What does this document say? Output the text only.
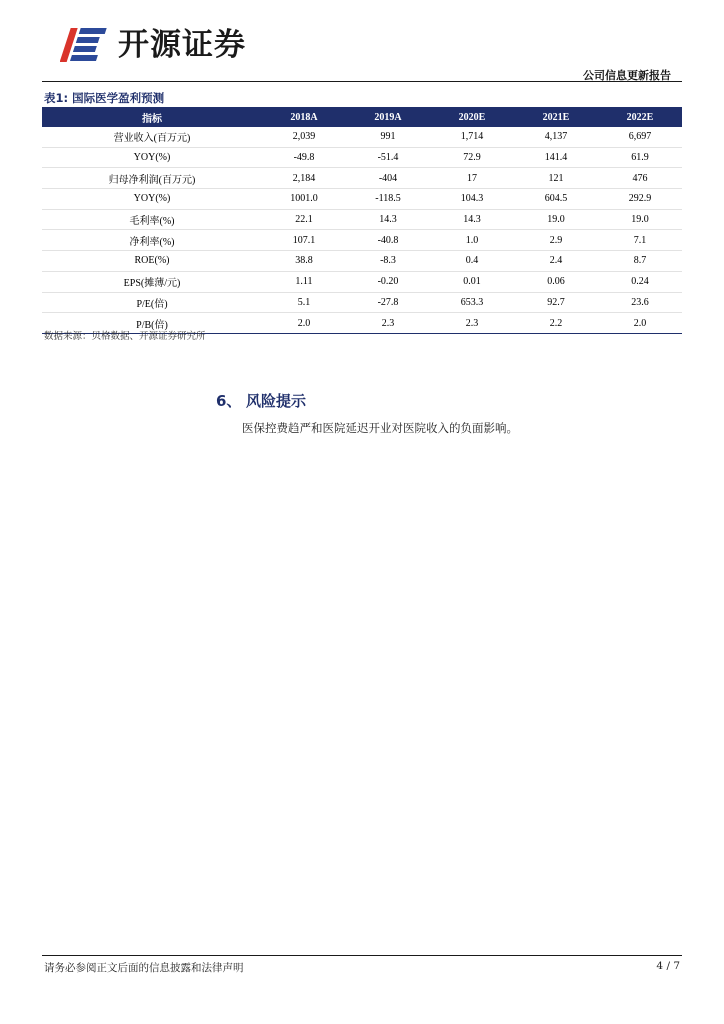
开源证券
公司信息更新报告
表1: 国际医学盈利预测
指标	2018A	2019A	2020E	2021E	2022E
营业收入(百万元)	2,039	991	1,714	4,137	6,697
YOY(%)	-49.8	-51.4	72.9	141.4	61.9
归母净利润(百万元)	2,184	-404	17	121	476
YOY(%)	1001.0	-118.5	104.3	604.5	292.9
毛利率(%)	22.1	14.3	14.3	19.0	19.0
净利率(%)	107.1	-40.8	1.0	2.9	7.1
ROE(%)	38.8	-8.3	0.4	2.4	8.7
EPS(摊薄/元)	1.11	-0.20	0.01	0.06	0.24
P/E(倍)	5.1	-27.8	653.3	92.7	23.6
P/B(倍)	2.0	2.3	2.3	2.2	2.0
数据来源：贝格数据、开源证券研究所
6、 风险提示
医保控费趋严和医院延迟开业对医院收入的负面影响。
请务必参阅正文后面的信息披露和法律声明	4 / 7
